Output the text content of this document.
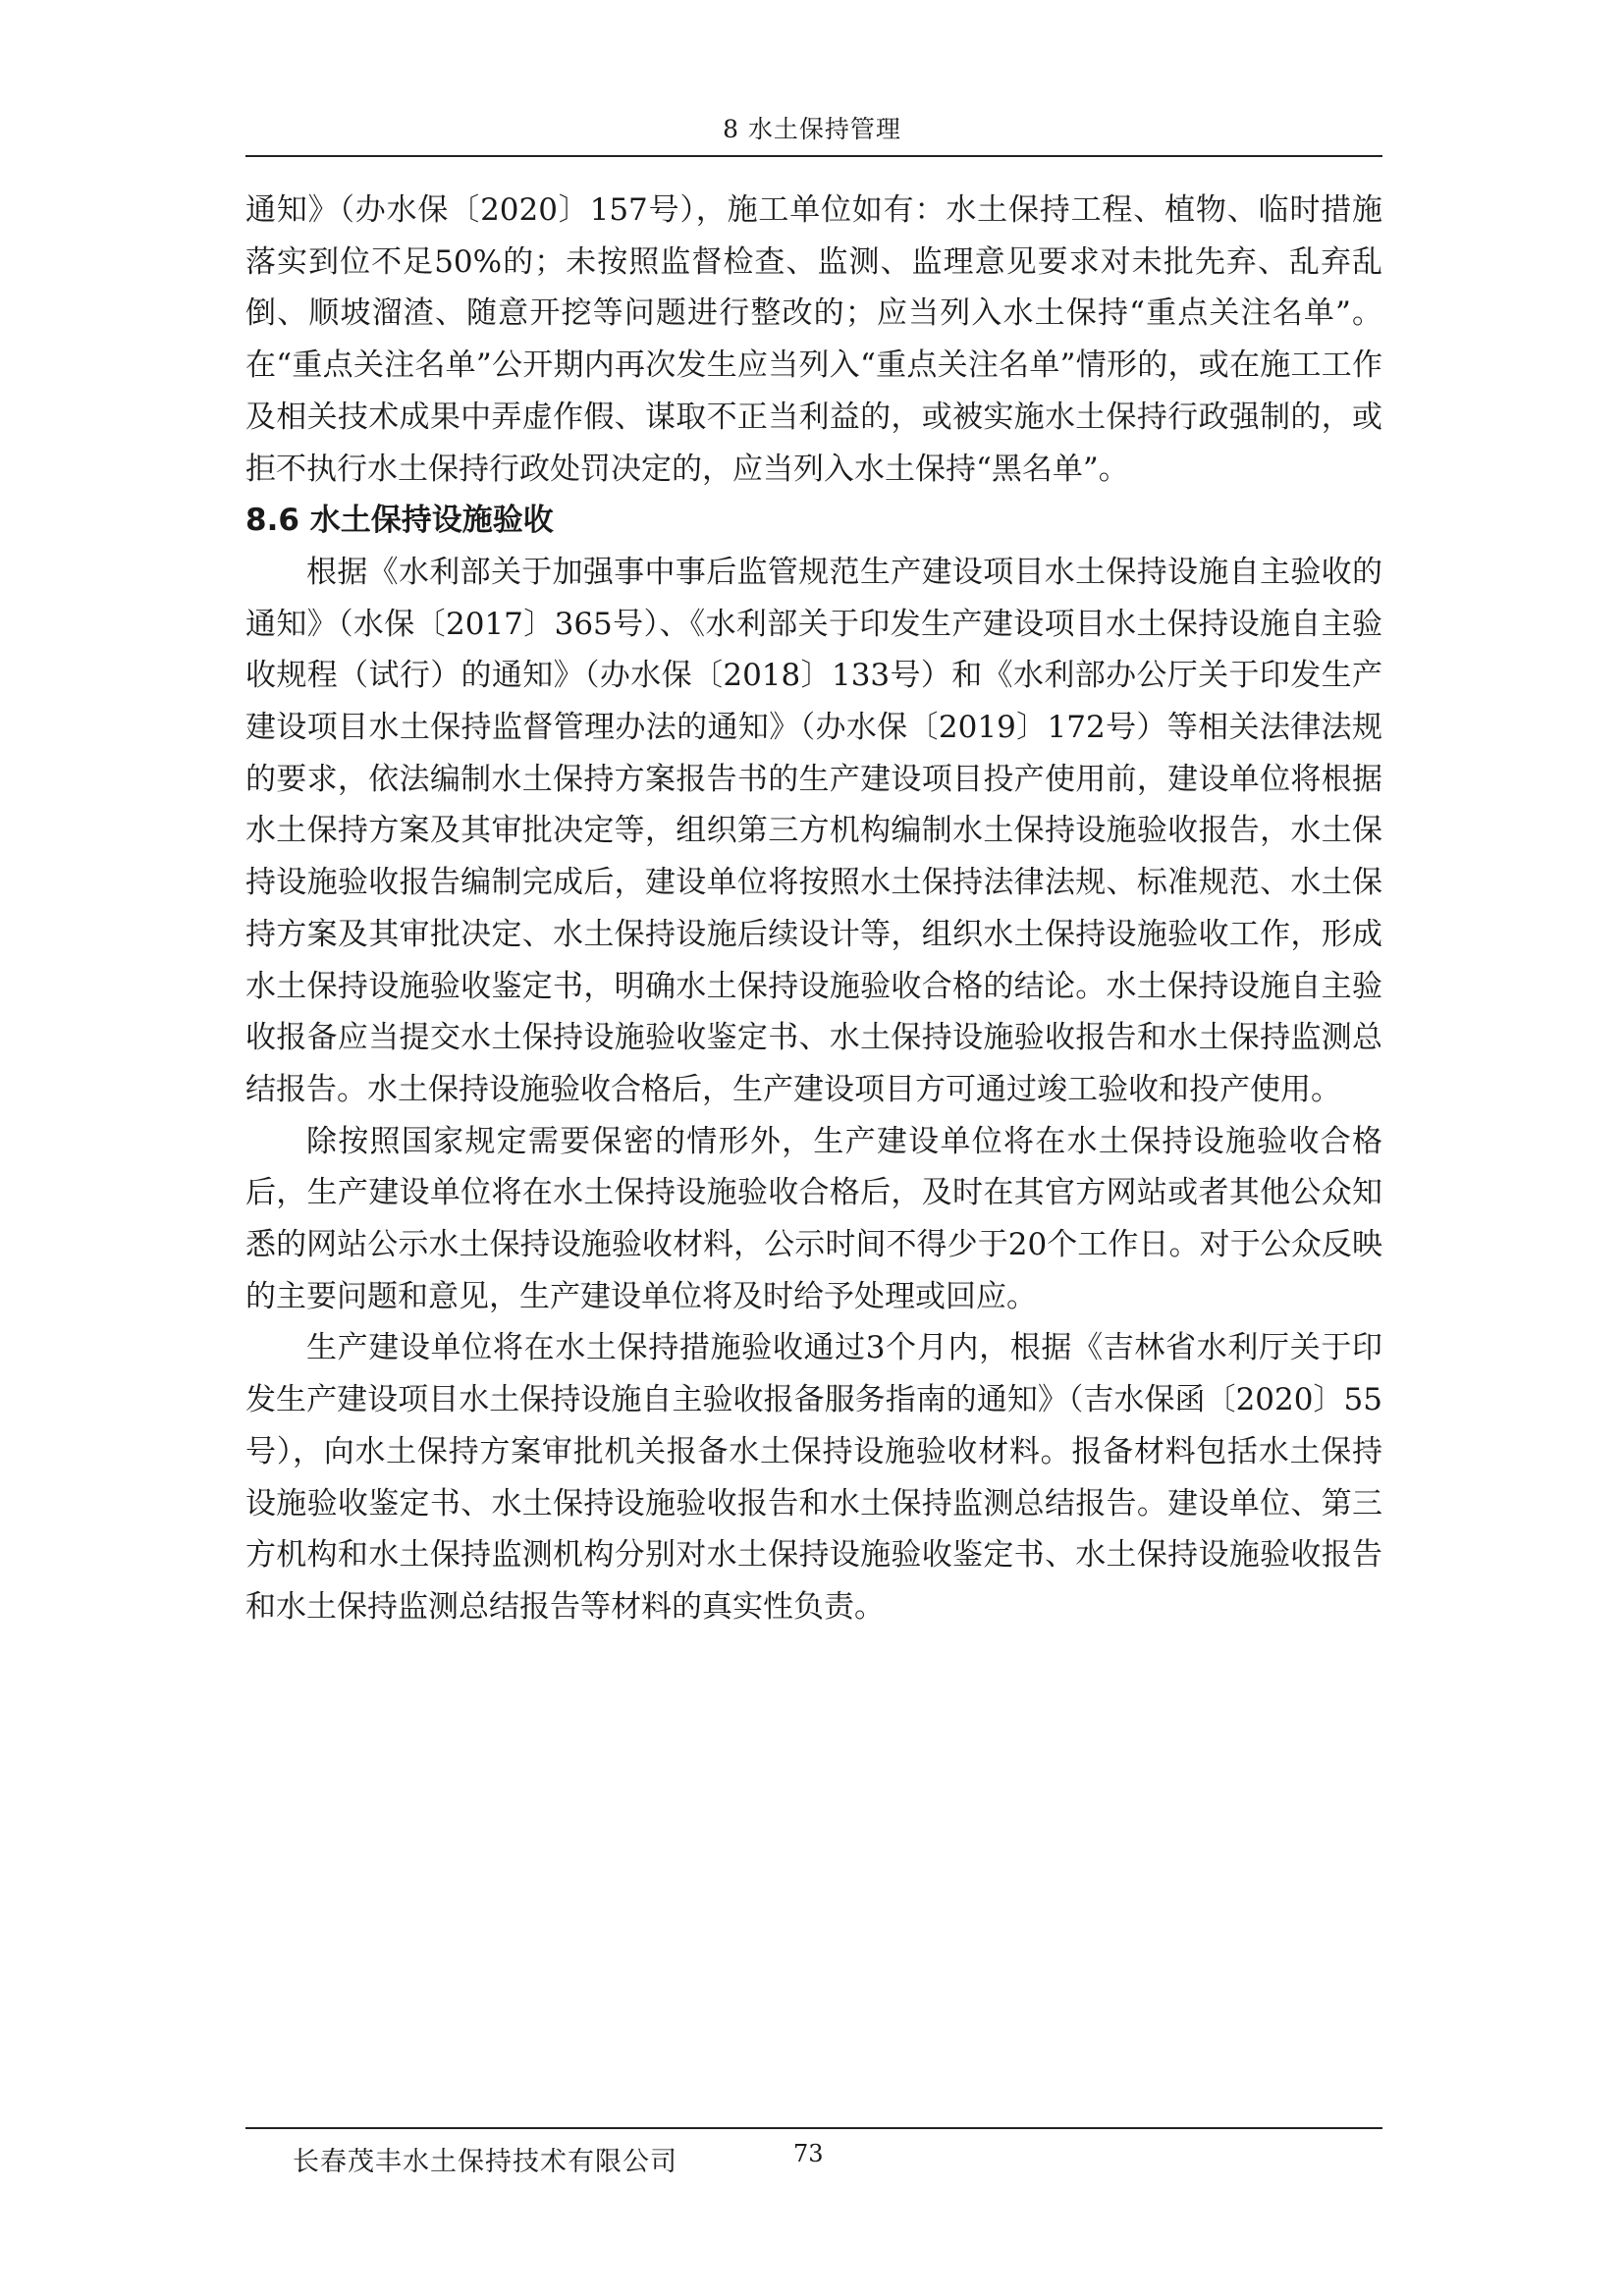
8 水土保持管理

通知》（办水保〔2020〕157号），施工单位如有：水土保持工程、植物、临时措施落实到位不足50%的；未按照监督检查、监测、监理意见要求对未批先弃、乱弃乱倒、顺坡溜渣、随意开挖等问题进行整改的；应当列入水土保持“重点关注名单”。在“重点关注名单”公开期内再次发生应当列入“重点关注名单”情形的，或在施工工作及相关技术成果中弄虚作假、谋取不正当利益的，或被实施水土保持行政强制的，或拒不执行水土保持行政处罚决定的，应当列入水土保持“黑名单”。

8.6 水土保持设施验收

根据《水利部关于加强事中事后监管规范生产建设项目水土保持设施自主验收的通知》（水保〔2017〕365号）、《水利部关于印发生产建设项目水土保持设施自主验收规程（试行）的通知》（办水保〔2018〕133号）和《水利部办公厅关于印发生产建设项目水土保持监督管理办法的通知》（办水保〔2019〕172号）等相关法律法规的要求，依法编制水土保持方案报告书的生产建设项目投产使用前，建设单位将根据水土保持方案及其审批决定等，组织第三方机构编制水土保持设施验收报告，水土保持设施验收报告编制完成后，建设单位将按照水土保持法律法规、标准规范、水土保持方案及其审批决定、水土保持设施后续设计等，组织水土保持设施验收工作，形成水土保持设施验收鉴定书，明确水土保持设施验收合格的结论。水土保持设施自主验收报备应当提交水土保持设施验收鉴定书、水土保持设施验收报告和水土保持监测总结报告。水土保持设施验收合格后，生产建设项目方可通过竣工验收和投产使用。

除按照国家规定需要保密的情形外，生产建设单位将在水土保持设施验收合格后，生产建设单位将在水土保持设施验收合格后，及时在其官方网站或者其他公众知悉的网站公示水土保持设施验收材料，公示时间不得少于20个工作日。对于公众反映的主要问题和意见，生产建设单位将及时给予处理或回应。

生产建设单位将在水土保持措施验收通过3个月内，根据《吉林省水利厅关于印发生产建设项目水土保持设施自主验收报备服务指南的通知》（吉水保函〔2020〕55号），向水土保持方案审批机关报备水土保持设施验收材料。报备材料包括水土保持设施验收鉴定书、水土保持设施验收报告和水土保持监测总结报告。建设单位、第三方机构和水土保持监测机构分别对水土保持设施验收鉴定书、水土保持设施验收报告和水土保持监测总结报告等材料的真实性负责。

长春茂丰水土保持技术有限公司	73
